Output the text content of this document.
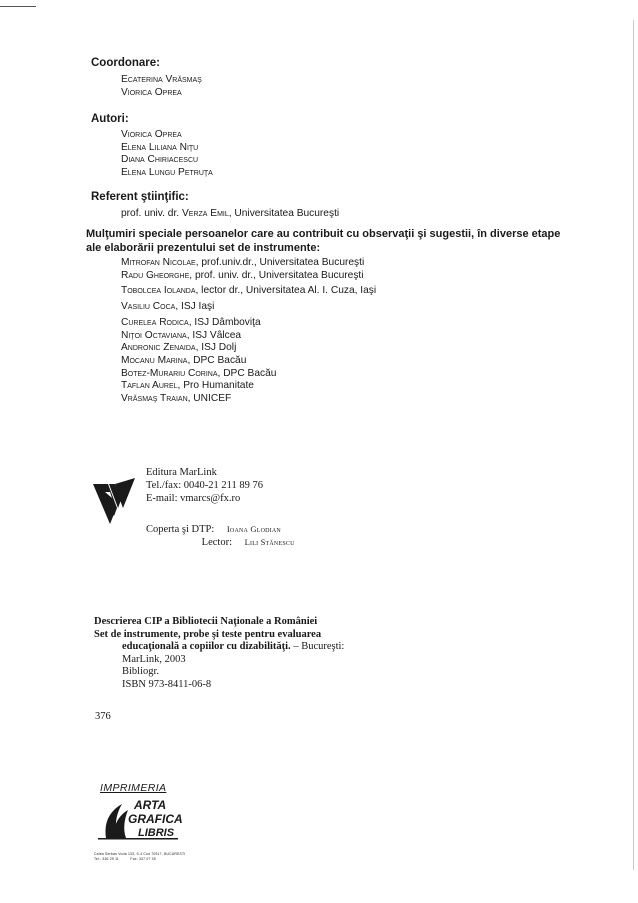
Coordonare:
Ecaterina Vrăsmaş
Viorica Oprea
Autori:
Viorica Oprea
Elena Liliana Niţu
Diana Chiriacescu
Elena Lungu Petruţa
Referent ştiinţific:
prof. univ. dr. Verza Emil, Universitatea Bucureşti
Mulţumiri speciale persoanelor care au contribuit cu observaţii şi sugestii, în diverse etape ale elaborării prezentului set de instrumente:
Mitrofan Nicolae, prof.univ.dr., Universitatea Bucureşti
Radu Gheorghe, prof. univ. dr., Universitatea Bucureşti
Tobolcea Iolanda, lector dr., Universitatea Al. I. Cuza, Iaşi
Vasiliu Coca, ISJ Iaşi
Curelea Rodica, ISJ Dâmboviţa
Niţoi Octaviana, ISJ Vâlcea
Andronic Zenaida, ISJ Dolj
Mocanu Marina, DPC Bacău
Botez-Murariu Corina, DPC Bacău
Taflan Aurel, Pro Humanitate
Vrăsmaş Traian, UNICEF
Editura MarLink
Tel./fax: 0040-21 211 89 76
E-mail: vmarcs@fx.ro
Coperta şi DTP: Ioana Glodian
Lector: Lili Stănescu
Descrierea CIP a Bibliotecii Naţionale a României
Set de instrumente, probe şi teste pentru evaluarea
educaţională a copiilor cu dizabilităţi. – Bucureşti:
MarLink, 2003
Bibliogr.
ISBN 973-8411-06-8
376
IMPRIMERIA
ARTA
GRAFICA
LIBRIS
Calea Serban Voda 133, S.4 Cod 70517, BUCURESTI
Tel.: 336 29 11	Fax: 337 07 35
